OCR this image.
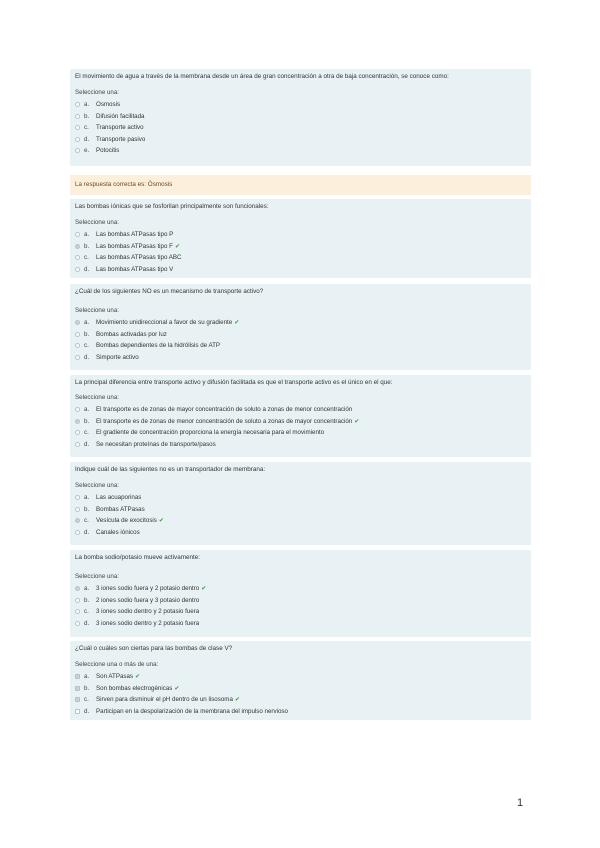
El movimiento de agua a través de la membrana desde un área de gran concentración a otra de baja concentración, se conoce como:
Seleccione una:
a.	Ósmosis
b.	Difusión facilitada
c.	Transporte activo
d.	Transporte pasivo
e.	Potocitis
La respuesta correcta es: Ósmosis
Las bombas iónicas que se fosforilan principalmente son funcionales:
Seleccione una:
a.	Las bombas ATPasas tipo P
b.	Las bombas ATPasas tipo F ✔
c.	Las bombas ATPasas tipo ABC
d.	Las bombas ATPasas tipo V
¿Cuál de los siguientes NO es un mecanismo de transporte activo?
Seleccione una:
a.	Movimiento unidireccional a favor de su gradiente ✔
b.	Bombas activadas por luz
c.	Bombas dependientes de la hidrólisis de ATP
d.	Simporte activo
La principal diferencia entre transporte activo y difusión facilitada es que el transporte activo es el único en el que:
Seleccione una:
a.	El transporte es de zonas de mayor concentración de soluto a zonas de menor concentración
b.	El transporte es de zonas de menor concentración de soluto a zonas de mayor concentración ✔
c.	El gradiente de concentración proporciona la energía necesaria para el movimiento
d.	Se necesitan proteínas de transporte/pasos
Indique cuál de las siguientes no es un transportador de membrana:
Seleccione una:
a.	Las acuaporinas
b.	Bombas ATPasas
c.	Vesícula de exocitosis ✔
d.	Canales iónicos
La bomba sodio/potasio mueve activamente:
Seleccione una:
a.	3 iones sodio fuera y 2 potasio dentro ✔
b.	2 iones sodio fuera y 3 potasio dentro
c.	3 iones sodio dentro y 2 potasio fuera
d.	3 iones sodio dentro y 2 potasio fuera
¿Cuál o cuáles son ciertas para las bombas de clase V?
Seleccione una o más de una:
a.	Son ATPasas ✔
b.	Son bombas electrogénicas ✔
c.	Sirven para disminuir el pH dentro de un lisosoma ✔
d.	Participan en la despolarización de la membrana del impulso nervioso
1
